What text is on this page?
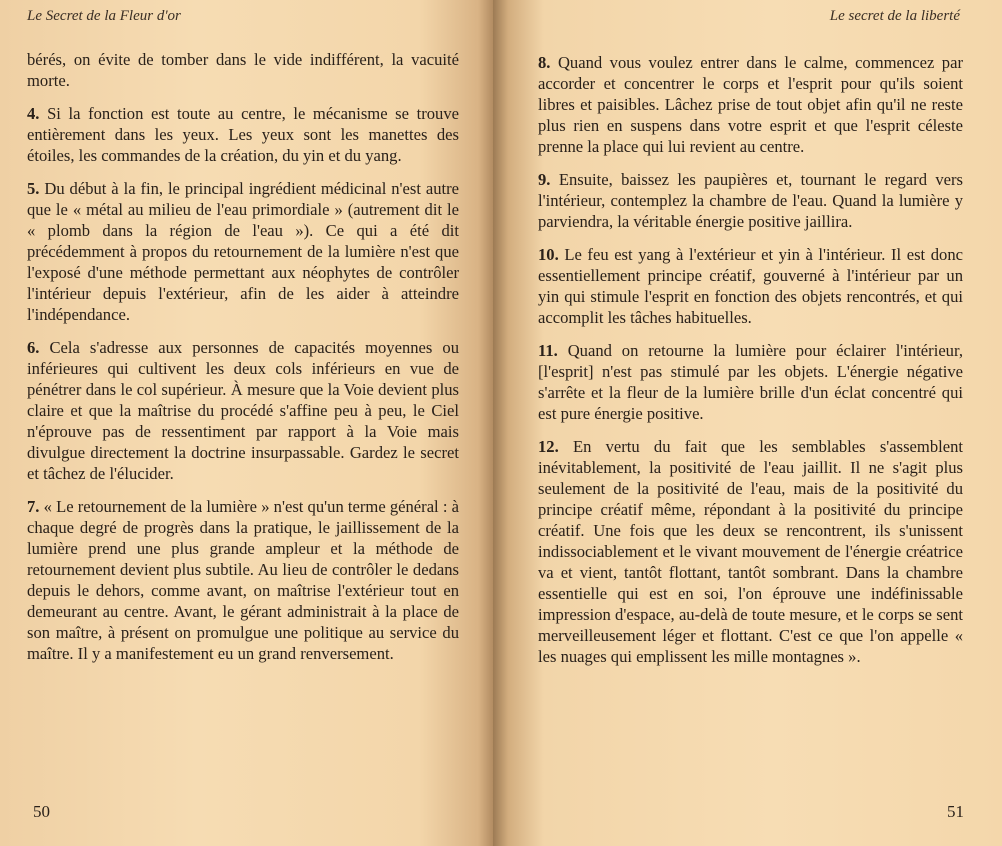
Le Secret de la Fleur d'or

bérés, on évite de tomber dans le vide indifférent, la vacuité morte.

4. Si la fonction est toute au centre, le mécanisme se trouve entièrement dans les yeux. Les yeux sont les manettes des étoiles, les commandes de la création, du yin et du yang.

5. Du début à la fin, le principal ingrédient médicinal n'est autre que le « métal au milieu de l'eau primordiale » (autrement dit le « plomb dans la région de l'eau »). Ce qui a été dit précédemment à propos du retournement de la lumière n'est que l'exposé d'une méthode permettant aux néophytes de contrôler l'intérieur depuis l'extérieur, afin de les aider à atteindre l'indépendance.

6. Cela s'adresse aux personnes de capacités moyennes ou inférieures qui cultivent les deux cols inférieurs en vue de pénétrer dans le col supérieur. À mesure que la Voie devient plus claire et que la maîtrise du procédé s'affine peu à peu, le Ciel n'éprouve pas de ressentiment par rapport à la Voie mais divulgue directement la doctrine insurpassable. Gardez le secret et tâchez de l'élucider.

7. « Le retournement de la lumière » n'est qu'un terme général : à chaque degré de progrès dans la pratique, le jaillissement de la lumière prend une plus grande ampleur et la méthode de retournement devient plus subtile. Au lieu de contrôler le dedans depuis le dehors, comme avant, on maîtrise l'extérieur tout en demeurant au centre. Avant, le gérant administrait à la place de son maître, à présent on promulgue une politique au service du maître. Il y a manifestement eu un grand renversement.

50

Le secret de la liberté

8. Quand vous voulez entrer dans le calme, commencez par accorder et concentrer le corps et l'esprit pour qu'ils soient libres et paisibles. Lâchez prise de tout objet afin qu'il ne reste plus rien en suspens dans votre esprit et que l'esprit céleste prenne la place qui lui revient au centre.

9. Ensuite, baissez les paupières et, tournant le regard vers l'intérieur, contemplez la chambre de l'eau. Quand la lumière y parviendra, la véritable énergie positive jaillira.

10. Le feu est yang à l'extérieur et yin à l'intérieur. Il est donc essentiellement principe créatif, gouverné à l'intérieur par un yin qui stimule l'esprit en fonction des objets rencontrés, et qui accomplit les tâches habituelles.

11. Quand on retourne la lumière pour éclairer l'intérieur, [l'esprit] n'est pas stimulé par les objets. L'énergie négative s'arrête et la fleur de la lumière brille d'un éclat concentré qui est pure énergie positive.

12. En vertu du fait que les semblables s'assemblent inévitablement, la positivité de l'eau jaillit. Il ne s'agit plus seulement de la positivité de l'eau, mais de la positivité du principe créatif même, répondant à la positivité du principe créatif. Une fois que les deux se rencontrent, ils s'unissent indissociablement et le vivant mouvement de l'énergie créatrice va et vient, tantôt flottant, tantôt sombrant. Dans la chambre essentielle qui est en soi, l'on éprouve une indéfinissable impression d'espace, au-delà de toute mesure, et le corps se sent merveilleusement léger et flottant. C'est ce que l'on appelle « les nuages qui emplissent les mille montagnes ».

51
